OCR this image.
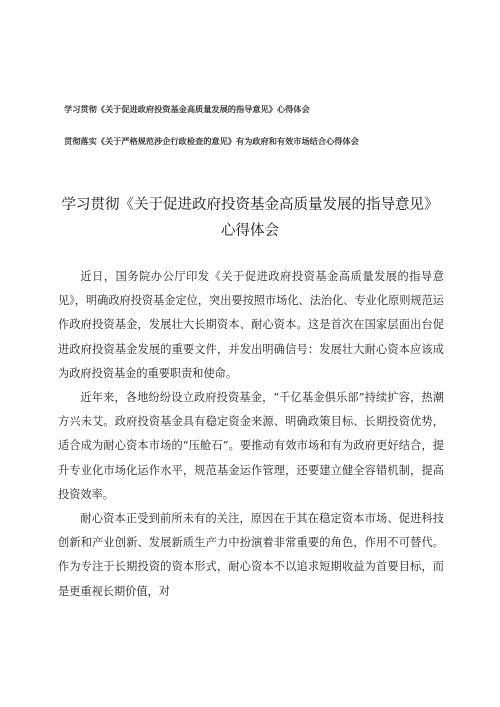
学习贯彻《关于促进政府投资基金高质量发展的指导意见》心得体会
贯彻落实《关于严格规范涉企行政检查的意见》有为政府和有效市场结合心得体会
学习贯彻《关于促进政府投资基金高质量发展的指导意见》心得体会

近日，国务院办公厅印发《关于促进政府投资基金高质量发展的指导意见》，明确政府投资基金定位，突出要按照市场化、法治化、专业化原则规范运作政府投资基金，发展壮大长期资本、耐心资本。这是首次在国家层面出台促进政府投资基金发展的重要文件，并发出明确信号：发展壮大耐心资本应该成为政府投资基金的重要职责和使命。

近年来，各地纷纷设立政府投资基金，“千亿基金俱乐部”持续扩容，热潮方兴未艾。政府投资基金具有稳定资金来源、明确政策目标、长期投资优势，适合成为耐心资本市场的“压舱石”。要推动有效市场和有为政府更好结合，提升专业化市场化运作水平，规范基金运作管理，还要建立健全容错机制，提高投资效率。

耐心资本正受到前所未有的关注，原因在于其在稳定资本市场、促进科技创新和产业创新、发展新质生产力中扮演着非常重要的角色，作用不可替代。作为专注于长期投资的资本形式，耐心资本不以追求短期收益为首要目标，而是更重视长期价值，对
